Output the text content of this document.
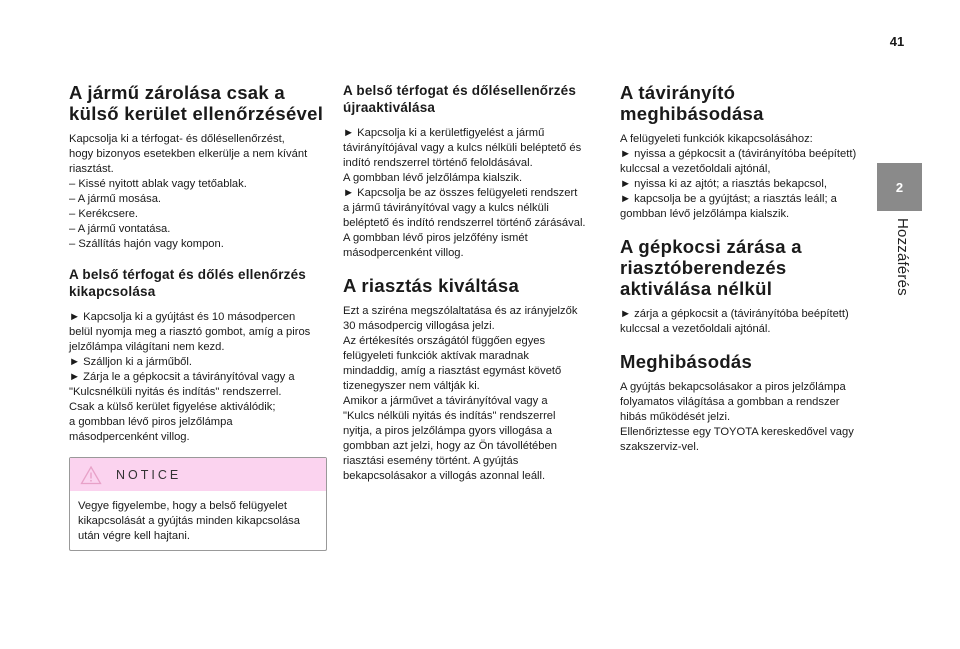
41
2
Hozzáférés
A jármű zárolása csak a
külső kerület ellenőrzésével

Kapcsolja ki a térfogat- és dőlésellenőrzést,
hogy bizonyos esetekben elkerülje a nem kívánt
riasztást.
– Kissé nyitott ablak vagy tetőablak.
– A jármű mosása.
– Kerékcsere.
– A jármű vontatása.
– Szállítás hajón vagy kompon.

A belső térfogat és dőlés ellenőrzés
kikapcsolása

► Kapcsolja ki a gyújtást és 10 másodpercen
belül nyomja meg a riasztó gombot, amíg a piros
jelzőlámpa világítani nem kezd.
► Szálljon ki a járműből.
► Zárja le a gépkocsit a távirányítóval vagy a
"Kulcsnélküli nyitás és indítás" rendszerrel.
Csak a külső kerület figyelése aktiválódik;
a gombban lévő piros jelzőlámpa
másodpercenként villog.

NOTICE

Vegye figyelembe, hogy a belső felügyelet
kikapcsolását a gyújtás minden kikapcsolása
után végre kell hajtani.

A belső térfogat és dőlésellenőrzés
újraaktiválása

► Kapcsolja ki a kerületfigyelést a jármű
távirányítójával vagy a kulcs nélküli beléptető és
indító rendszerrel történő feloldásával.
A gombban lévő jelzőlámpa kialszik.
► Kapcsolja be az összes felügyeleti rendszert
a jármű távirányítóval vagy a kulcs nélküli
beléptető és indító rendszerrel történő zárásával.
A gombban lévő piros jelzőfény ismét
másodpercenként villog.

A riasztás kiváltása

Ezt a sziréna megszólaltatása és az irányjelzők
30 másodpercig villogása jelzi.
Az értékesítés országától függően egyes
felügyeleti funkciók aktívak maradnak
mindaddig, amíg a riasztást egymást követő
tizenegyszer nem váltják ki.
Amikor a járművet a távirányítóval vagy a
"Kulcs nélküli nyitás és indítás" rendszerrel
nyitja, a piros jelzőlámpa gyors villogása a
gombban azt jelzi, hogy az Ön távollétében
riasztási esemény történt. A gyújtás
bekapcsolásakor a villogás azonnal leáll.

A távirányító
meghibásodása

A felügyeleti funkciók kikapcsolásához:
► nyissa a gépkocsit a (távirányítóba beépített)
kulccsal a vezetőoldali ajtónál,
► nyissa ki az ajtót; a riasztás bekapcsol,
► kapcsolja be a gyújtást; a riasztás leáll; a
gombban lévő jelzőlámpa kialszik.

A gépkocsi zárása a
riasztóberendezés
aktiválása nélkül

► zárja a gépkocsit a (távirányítóba beépített)
kulccsal a vezetőoldali ajtónál.

Meghibásodás

A gyújtás bekapcsolásakor a piros jelzőlámpa
folyamatos világítása a gombban a rendszer
hibás működését jelzi.
Ellenőriztesse egy TOYOTA kereskedővel vagy
szakszerviz-vel.
